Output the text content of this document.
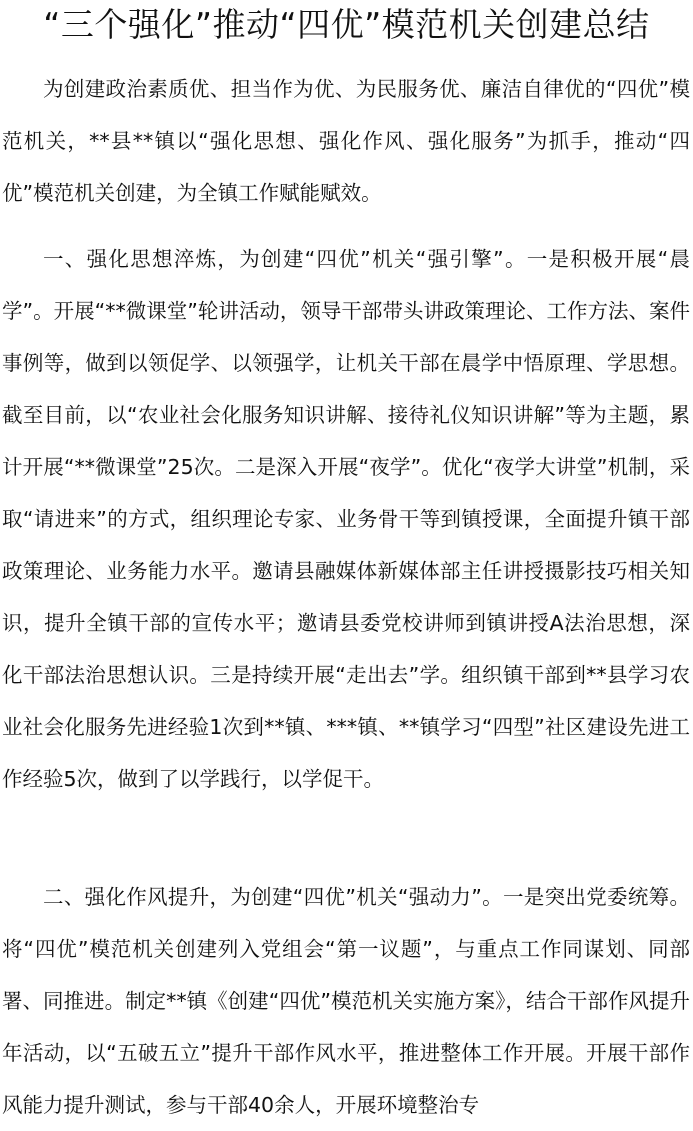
“三个强化”推动“四优”模范机关创建总结

为创建政治素质优、担当作为优、为民服务优、廉洁自律优的“四优”模范机关，**县**镇以“强化思想、强化作风、强化服务”为抓手，推动“四优”模范机关创建，为全镇工作赋能赋效。

一、强化思想淬炼，为创建“四优”机关“强引擎”。一是积极开展“晨学”。开展“**微课堂”轮讲活动，领导干部带头讲政策理论、工作方法、案件事例等，做到以领促学、以领强学，让机关干部在晨学中悟原理、学思想。截至目前，以“农业社会化服务知识讲解、接待礼仪知识讲解”等为主题，累计开展“**微课堂”25次。二是深入开展“夜学”。优化“夜学大讲堂”机制，采取“请进来”的方式，组织理论专家、业务骨干等到镇授课，全面提升镇干部政策理论、业务能力水平。邀请县融媒体新媒体部主任讲授摄影技巧相关知识，提升全镇干部的宣传水平；邀请县委党校讲师到镇讲授A法治思想，深化干部法治思想认识。三是持续开展“走出去”学。组织镇干部到**县学习农业社会化服务先进经验1次到**镇、***镇、**镇学习“四型”社区建设先进工作经验5次，做到了以学践行，以学促干。

二、强化作风提升，为创建“四优”机关“强动力”。一是突出党委统筹。将“四优”模范机关创建列入党组会“第一议题”，与重点工作同谋划、同部署、同推进。制定**镇《创建“四优”模范机关实施方案》，结合干部作风提升年活动，以“五破五立”提升干部作风水平，推进整体工作开展。开展干部作风能力提升测试，参与干部40余人，开展环境整治专
